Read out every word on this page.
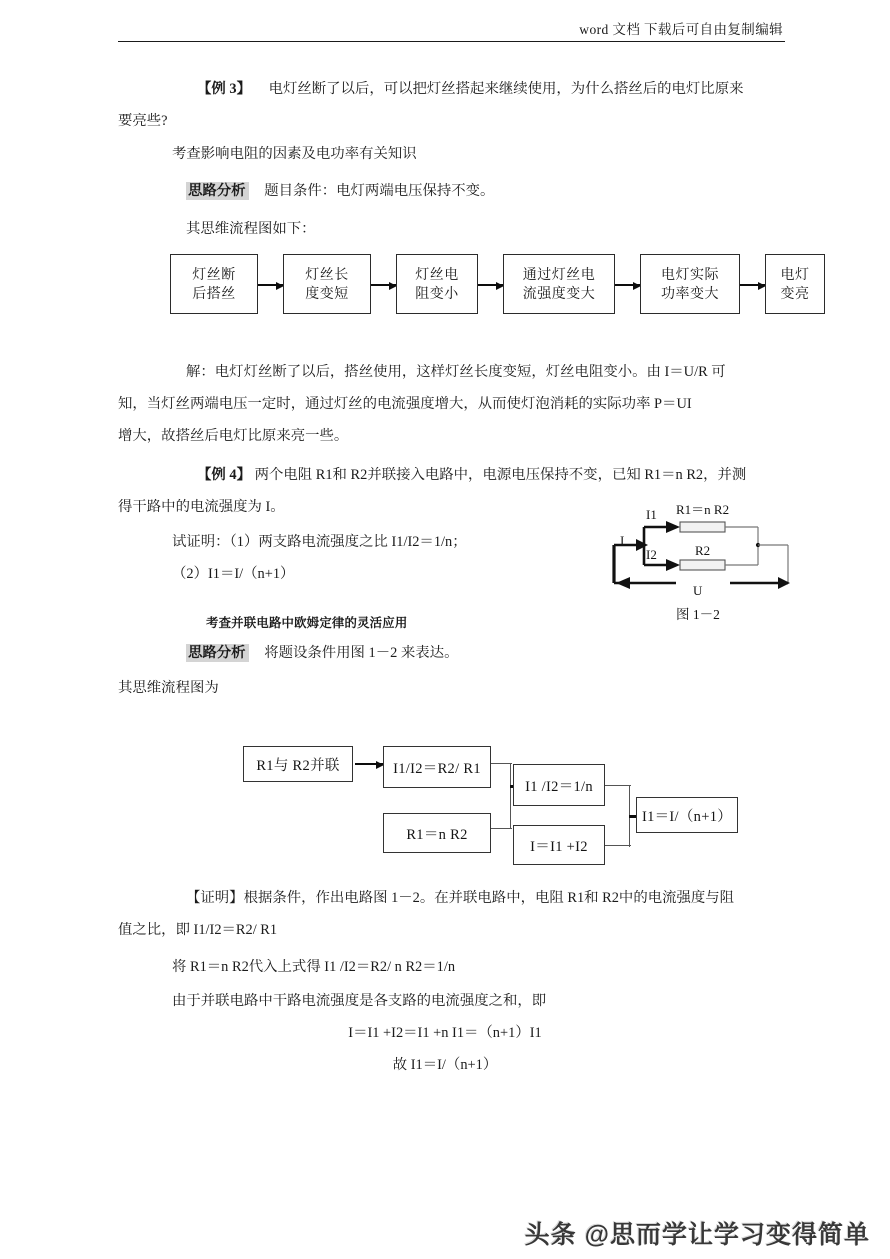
word 文档 下载后可自由复制编辑
【例 3】 电灯丝断了以后，可以把灯丝搭起来继续使用，为什么搭丝后的电灯比原来
要亮些?
考查影响电阻的因素及电功率有关知识
思路分析 题目条件：电灯两端电压保持不变。
其思维流程图如下：
灯丝断
后搭丝
灯丝长
度变短
灯丝电
阻变小
通过灯丝电
流强度变大
电灯实际
功率变大
电灯
变亮
解：电灯灯丝断了以后，搭丝使用，这样灯丝长度变短，灯丝电阻变小。由 I＝U/R 可
知，当灯丝两端电压一定时，通过灯丝的电流强度增大，从而使灯泡消耗的实际功率 P＝UI
增大，故搭丝后电灯比原来亮一些。
【例 4】 两个电阻 R1和 R2并联接入电路中，电源电压保持不变，已知 R1＝n R2，并测
得干路中的电流强度为 I。
试证明：（1）两支路电流强度之比 I1/I2＝1/n；
（2）I1＝I/（n+1）
I
I1
I2
R1＝n R2
R2
U
图 1－2
考查并联电路中欧姆定律的灵活应用
思路分析 将题设条件用图 1－2 来表达。
其思维流程图为
R1与 R2并联	I1/I2＝R2/ R1
R1＝n R2
I1 /I2＝1/n
I＝I1 +I2
I1＝I/（n+1）
【证明】根据条件，作出电路图 1－2。在并联电路中，电阻 R1和 R2中的电流强度与阻
值之比，即 I1/I2＝R2/ R1
将 R1＝n R2代入上式得 I1 /I2＝R2/ n R2＝1/n
由于并联电路中干路电流强度是各支路的电流强度之和，即
I＝I1 +I2＝I1 +n I1＝（n+1）I1
故 I1＝I/（n+1）
头条 @思而学让学习变得简单
